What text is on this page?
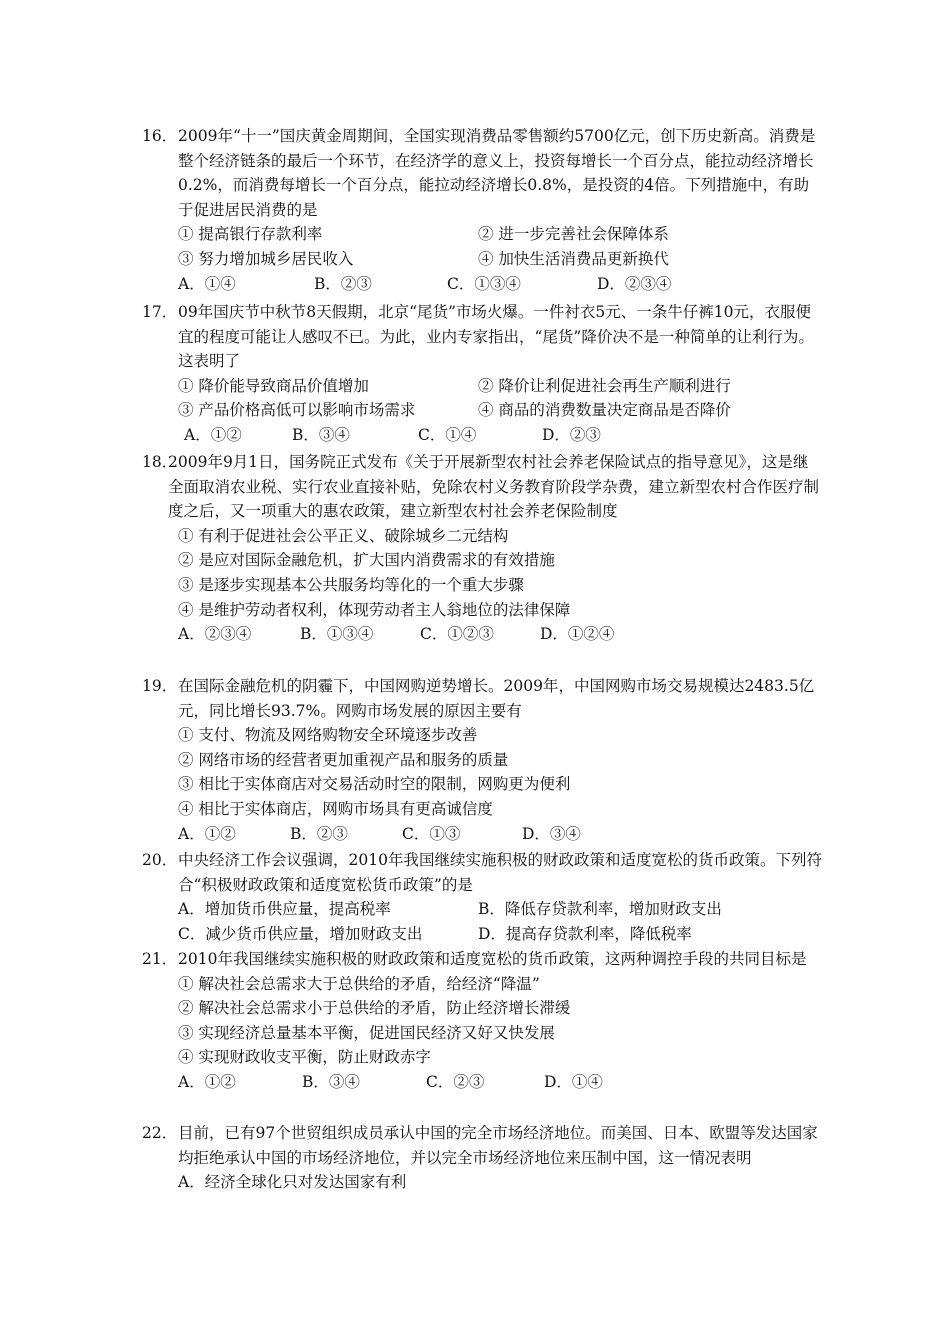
16． 2009年“十一”国庆黄金周期间，全国实现消费品零售额约5700亿元，创下历史新高。消费是整个经济链条的最后一个环节，在经济学的意义上，投资每增长一个百分点，能拉动经济增长0.2%，而消费每增长一个百分点，能拉动经济增长0.8%，是投资的4倍。下列措施中，有助于促进居民消费的是
① 提高银行存款利率	② 进一步完善社会保障体系
③ 努力增加城乡居民收入	④ 加快生活消费品更新换代
A．①④	B．②③	C．①③④	D．②③④
17． 09年国庆节中秋节8天假期，北京“尾货”市场火爆。一件衬衣5元、一条牛仔裤10元，衣服便宜的程度可能让人感叹不已。为此，业内专家指出，“尾货”降价决不是一种简单的让利行为。这表明了
① 降价能导致商品价值增加	② 降价让利促进社会再生产顺利进行
③ 产品价格高低可以影响市场需求	④ 商品的消费数量决定商品是否降价
A．①②	B．③④	C．①④	D．②③
18．
2009年9月1日，国务院正式发布《关于开展新型农村社会养老保险试点的指导意见》，这是继全面取消农业税、实行农业直接补贴，免除农村义务教育阶段学杂费，建立新型农村合作医疗制度之后，又一项重大的惠农政策，建立新型农村社会养老保险制度
① 有利于促进社会公平正义、破除城乡二元结构
② 是应对国际金融危机，扩大国内消费需求的有效措施
③ 是逐步实现基本公共服务均等化的一个重大步骤
④ 是维护劳动者权利，体现劳动者主人翁地位的法律保障
A．②③④	B．①③④	C．①②③	D．①②④
19． 在国际金融危机的阴霾下，中国网购逆势增长。2009年，中国网购市场交易规模达2483.5亿元，同比增长93.7%。网购市场发展的原因主要有
① 支付、物流及网络购物安全环境逐步改善
② 网络市场的经营者更加重视产品和服务的质量
③ 相比于实体商店对交易活动时空的限制，网购更为便利
④ 相比于实体商店，网购市场具有更高诚信度
A．①②	B．②③	C．①③	D．③④
20． 中央经济工作会议强调，2010年我国继续实施积极的财政政策和适度宽松的货币政策。下列符合“积极财政政策和适度宽松货币政策”的是
A．增加货币供应量，提高税率	B．降低存贷款利率，增加财政支出
C．减少货币供应量，增加财政支出	D．提高存贷款利率，降低税率
21． 2010年我国继续实施积极的财政政策和适度宽松的货币政策，这两种调控手段的共同目标是
① 解决社会总需求大于总供给的矛盾，给经济“降温”
② 解决社会总需求小于总供给的矛盾，防止经济增长滞缓
③ 实现经济总量基本平衡，促进国民经济又好又快发展
④ 实现财政收支平衡，防止财政赤字
A．①②	B．③④	C．②③	D．①④
22． 目前，已有97个世贸组织成员承认中国的完全市场经济地位。而美国、日本、欧盟等发达国家均拒绝承认中国的市场经济地位，并以完全市场经济地位来压制中国，这一情况表明
A．经济全球化只对发达国家有利
